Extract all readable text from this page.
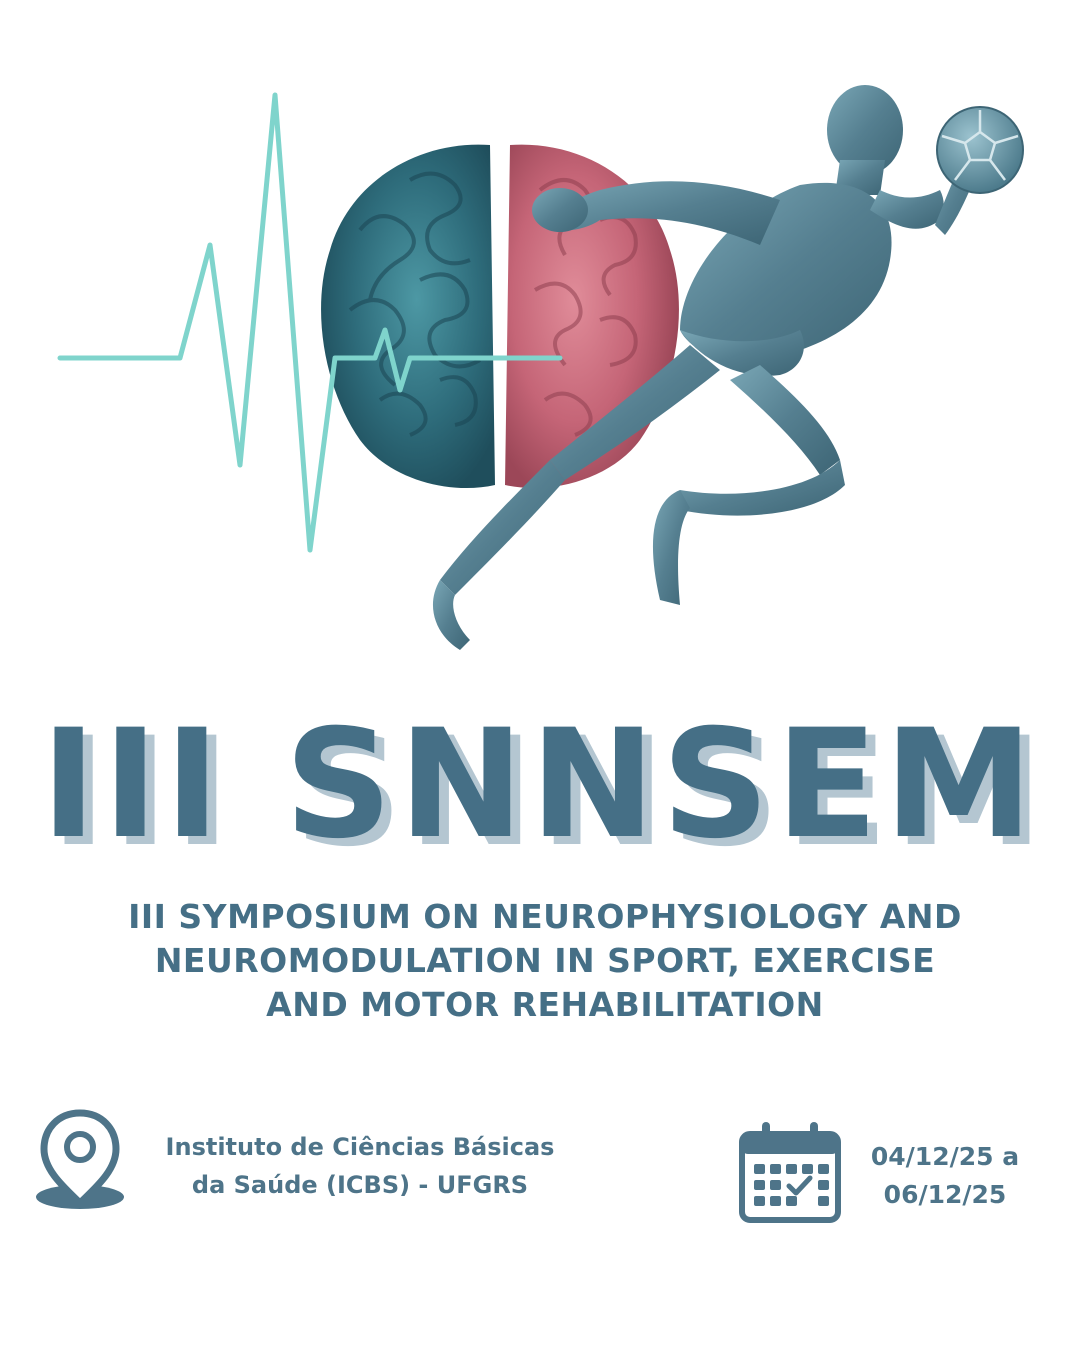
III SNNSEM
III SYMPOSIUM ON NEUROPHYSIOLOGY AND
NEUROMODULATION IN SPORT, EXERCISE
AND MOTOR REHABILITATION
Instituto de Ciências Básicas
da Saúde (ICBS) - UFGRS
04/12/25 a
06/12/25
